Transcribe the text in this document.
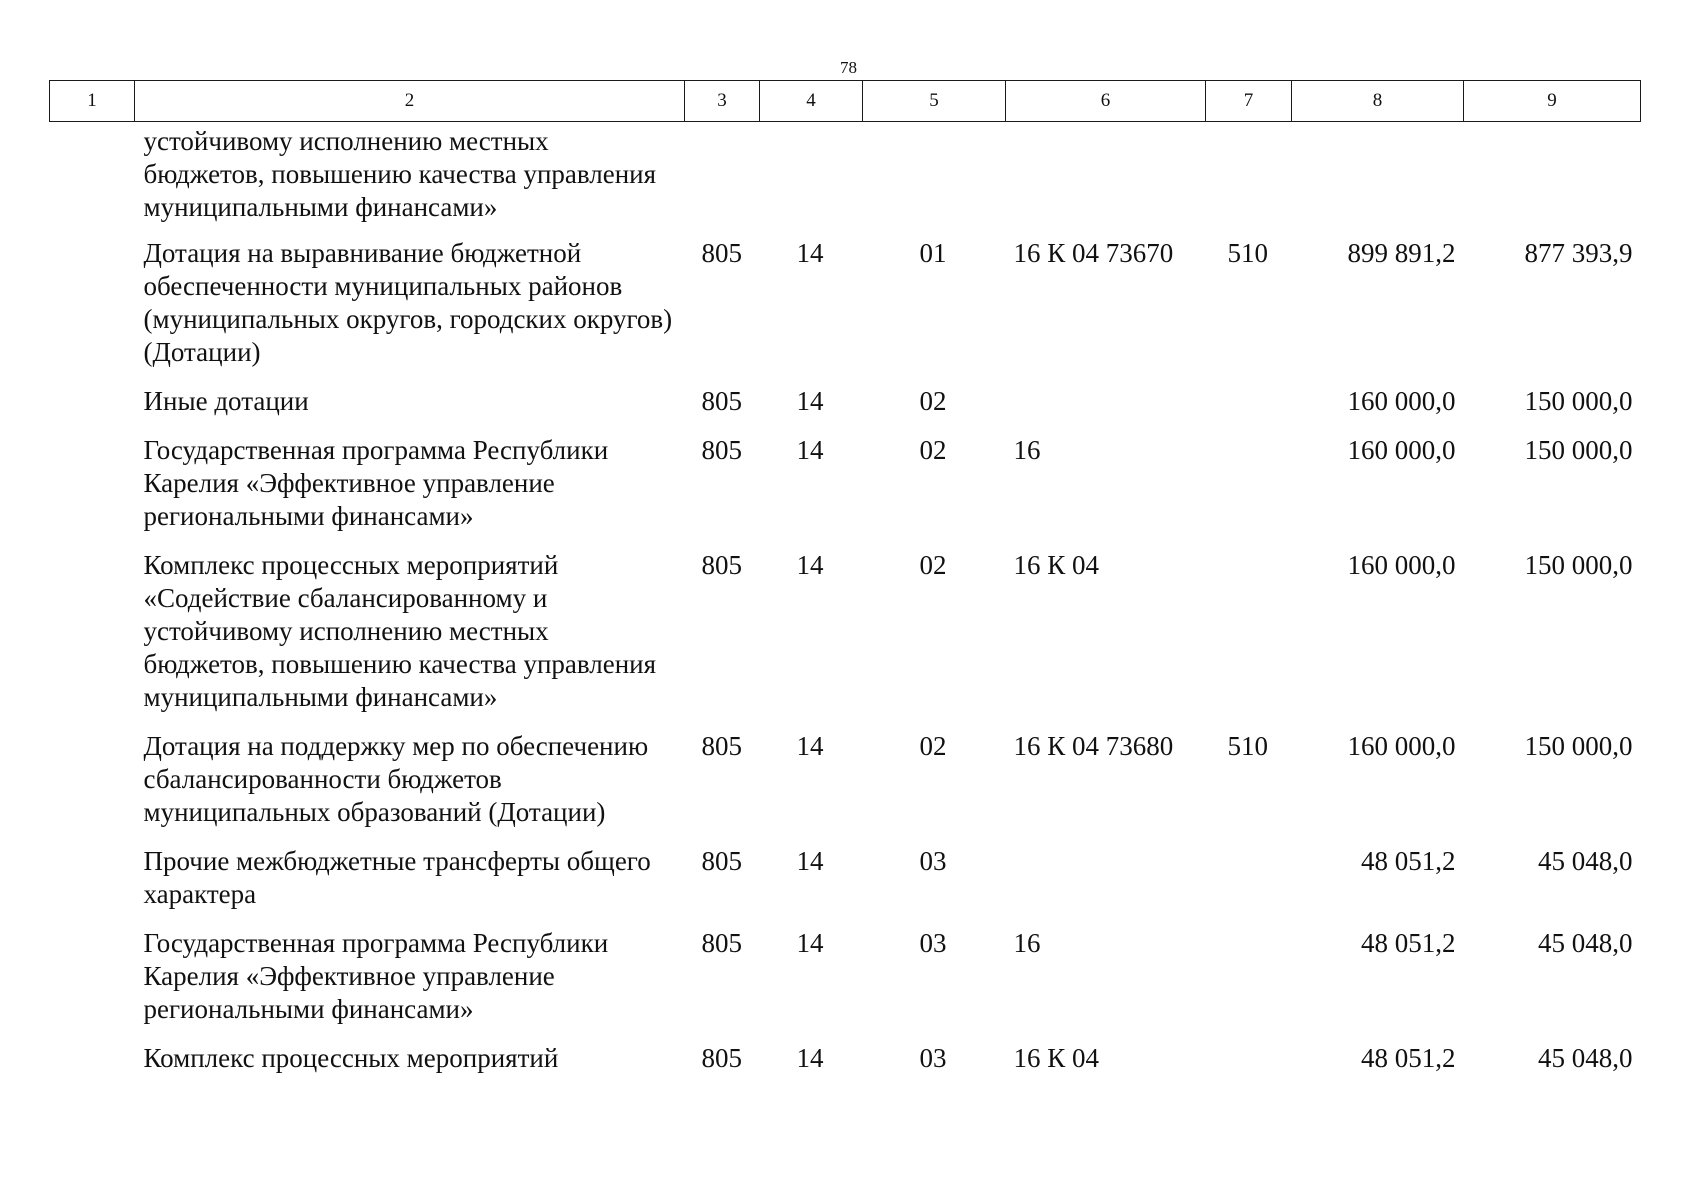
78
1	2	3	4	5	6	7	8	9
	устойчивому исполнению местных бюджетов, повышению качества управления муниципальными финансами»							
	Дотация на выравнивание бюджетной обеспеченности муниципальных районов (муниципальных округов, городских округов) (Дотации)	805	14	01	16 К 04 73670	510	899 891,2	877 393,9
	Иные дотации	805	14	02			160 000,0	150 000,0
	Государственная программа Республики Карелия «Эффективное управление региональными финансами»	805	14	02	16		160 000,0	150 000,0
	Комплекс процессных мероприятий «Содействие сбалансированному и устойчивому исполнению местных бюджетов, повышению качества управления муниципальными финансами»	805	14	02	16 К 04		160 000,0	150 000,0
	Дотация на поддержку мер по обеспечению сбалансированности бюджетов муниципальных образований (Дотации)	805	14	02	16 К 04 73680	510	160 000,0	150 000,0
	Прочие межбюджетные трансферты общего характера	805	14	03			48 051,2	45 048,0
	Государственная программа Республики Карелия «Эффективное управление региональными финансами»	805	14	03	16		48 051,2	45 048,0
	Комплекс процессных мероприятий	805	14	03	16 К 04		48 051,2	45 048,0
